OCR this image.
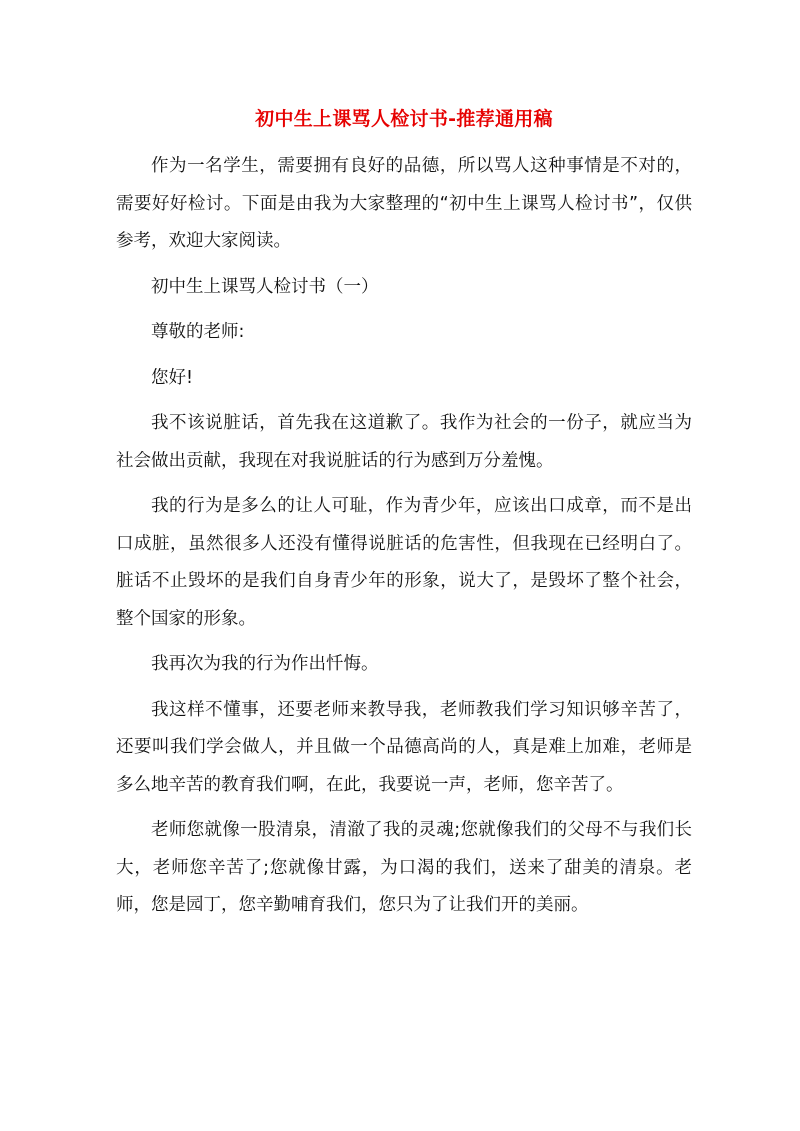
初中生上课骂人检讨书-推荐通用稿

作为一名学生，需要拥有良好的品德，所以骂人这种事情是不对的，需要好好检讨。下面是由我为大家整理的“初中生上课骂人检讨书”，仅供参考，欢迎大家阅读。

初中生上课骂人检讨书（一）

尊敬的老师:

您好!

我不该说脏话，首先我在这道歉了。我作为社会的一份子，就应当为社会做出贡献，我现在对我说脏话的行为感到万分羞愧。

我的行为是多么的让人可耻，作为青少年，应该出口成章，而不是出口成脏，虽然很多人还没有懂得说脏话的危害性，但我现在已经明白了。脏话不止毁坏的是我们自身青少年的形象，说大了，是毁坏了整个社会，整个国家的形象。

我再次为我的行为作出忏悔。

我这样不懂事，还要老师来教导我，老师教我们学习知识够辛苦了，还要叫我们学会做人，并且做一个品德高尚的人，真是难上加难，老师是多么地辛苦的教育我们啊，在此，我要说一声，老师，您辛苦了。

老师您就像一股清泉，清澈了我的灵魂;您就像我们的父母不与我们长大，老师您辛苦了;您就像甘露，为口渴的我们，送来了甜美的清泉。老师，您是园丁，您辛勤哺育我们，您只为了让我们开的美丽。
